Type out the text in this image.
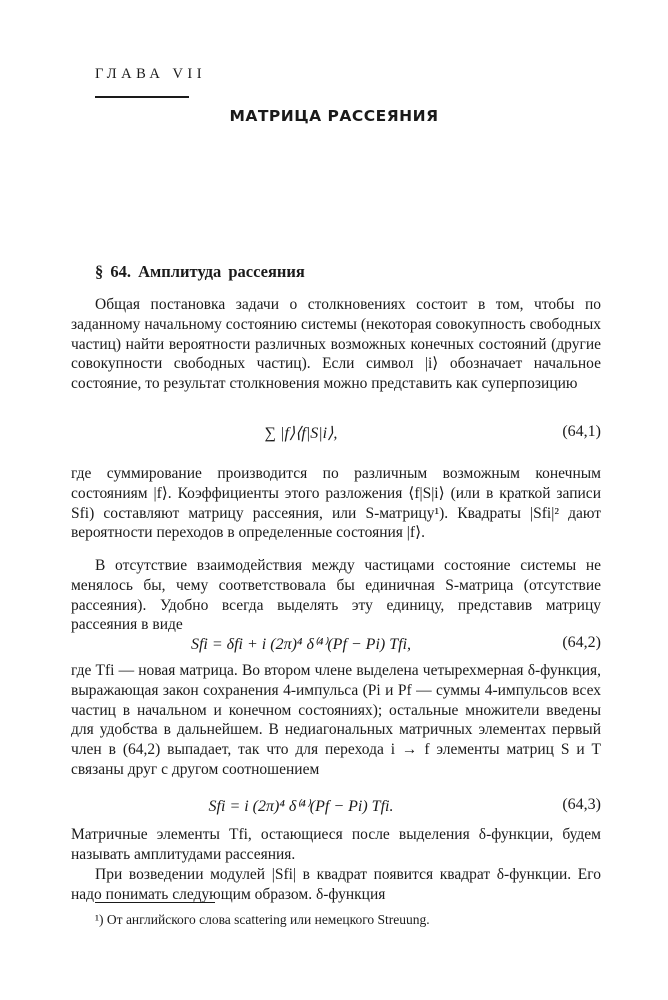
ГЛАВА VII
МАТРИЦА РАССЕЯНИЯ
§ 64. Амплитуда рассеяния

Общая постановка задачи о столкновениях состоит в том, чтобы по заданному начальному состоянию системы (некоторая совокупность свободных частиц) найти вероятности различных возможных конечных состояний (другие совокупности свободных частиц). Если символ |i⟩ обозначает начальное состояние, то результат столкновения можно представить как суперпозицию

∑ |f⟩⟨f|S|i⟩,	(64,1)

где суммирование производится по различным возможным конечным состояниям |f⟩. Коэффициенты этого разложения ⟨f|S|i⟩ (или в краткой записи Sfi) составляют матрицу рассеяния, или S-матрицу¹). Квадраты |Sfi|² дают вероятности переходов в определенные состояния |f⟩.

В отсутствие взаимодействия между частицами состояние системы не менялось бы, чему соответствовала бы единичная S-матрица (отсутствие рассеяния). Удобно всегда выделять эту единицу, представив матрицу рассеяния в виде

Sfi = δfi + i (2π)⁴ δ⁽⁴⁾(Pf − Pi) Tfi,	(64,2)

где Tfi — новая матрица. Во втором члене выделена четырехмерная δ-функция, выражающая закон сохранения 4-импульса (Pi и Pf — суммы 4-импульсов всех частиц в начальном и конечном состояниях); остальные множители введены для удобства в дальнейшем. В недиагональных матричных элементах первый член в (64,2) выпадает, так что для перехода i → f элементы матриц S и T связаны друг с другом соотношением

Sfi = i (2π)⁴ δ⁽⁴⁾(Pf − Pi) Tfi.	(64,3)

Матричные элементы Tfi, остающиеся после выделения δ-функции, будем называть амплитудами рассеяния.

При возведении модулей |Sfi| в квадрат появится квадрат δ-функции. Его надо понимать следующим образом. δ-функция

¹) От английского слова scattering или немецкого Streuung.
